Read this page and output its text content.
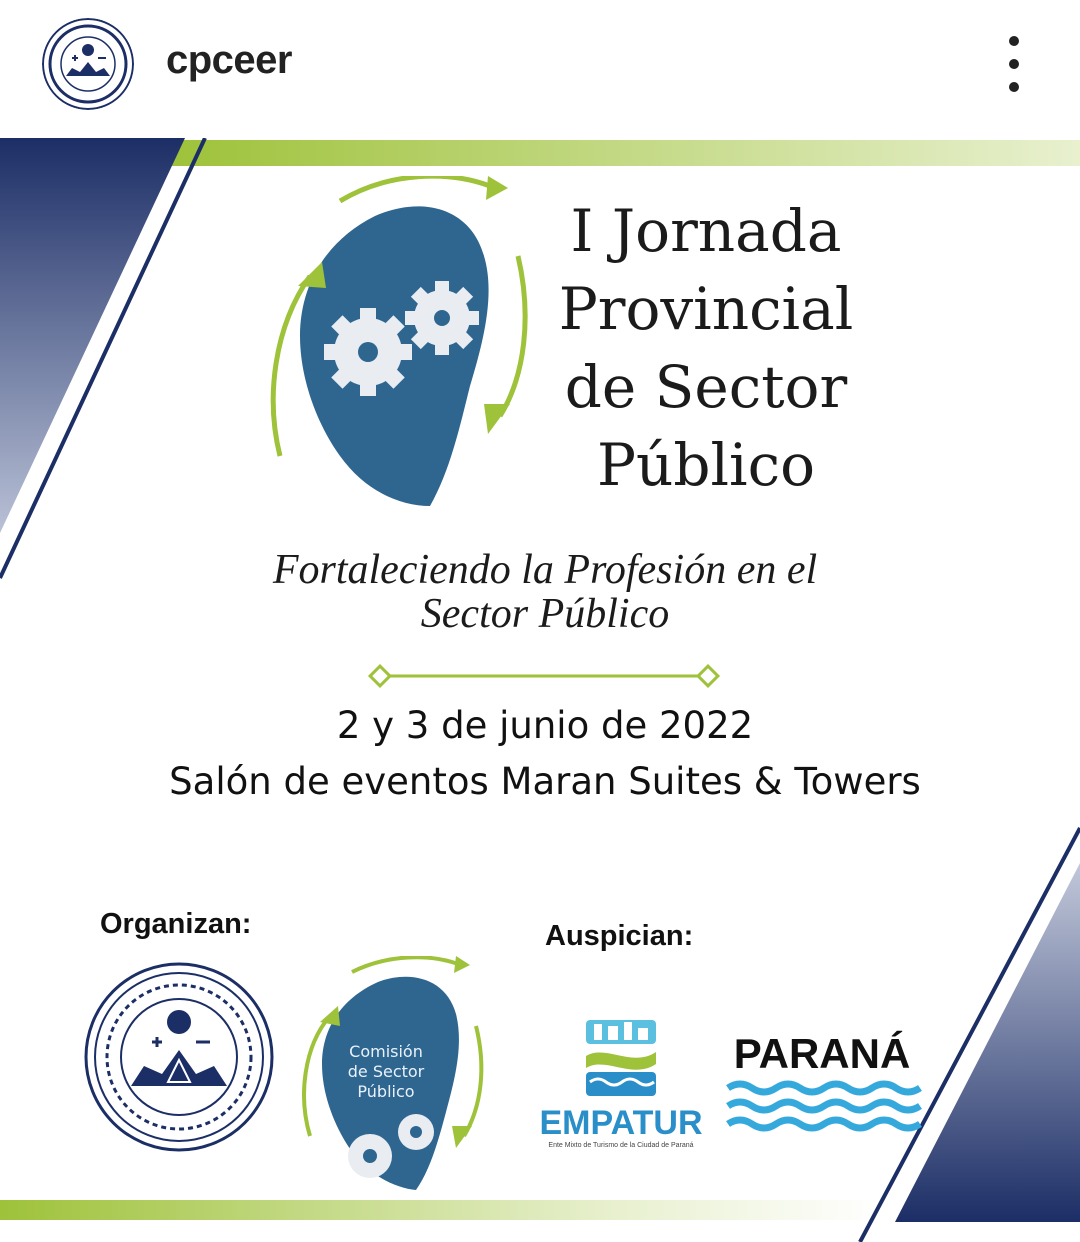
cpceer
I Jornada
Provincial
de Sector
Público
Fortaleciendo la Profesión en el
Sector Público
2 y 3 de junio de 2022
Salón de eventos Maran Suites & Towers
Organizan:	Auspician:
Comisión
de Sector
Público
EMPATUR
Ente Mixto de Turismo de la Ciudad de Paraná
PARANÁ
